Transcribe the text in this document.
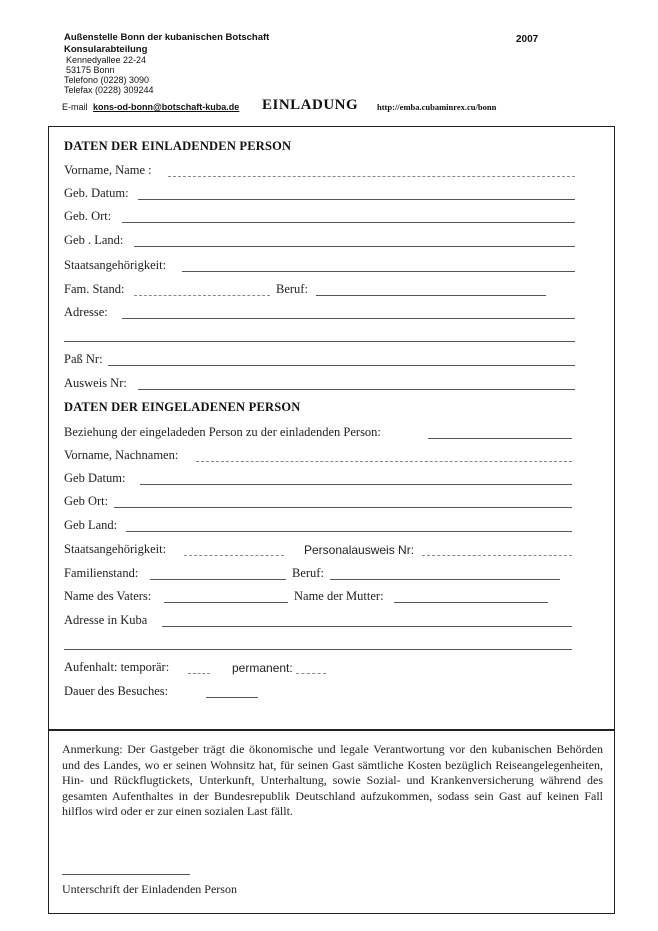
Außenstelle Bonn der kubanischen Botschaft
Konsularabteilung
Kennedyallee 22-24
53175 Bonn
Telefono (0228) 3090
Telefax (0228) 309244
E-mail kons-od-bonn@botschaft-kuba.de
2007
EINLADUNG http://emba.cubaminrex.cu/bonn
DATEN DER EINLADENDEN PERSON
Vorname, Name :
Geb. Datum:
Geb. Ort:
Geb . Land:
Staatsangehörigkeit:
Fam. Stand:	Beruf:
Adresse:
Paß Nr:
Ausweis Nr:
DATEN DER EINGELADENEN PERSON
Beziehung der eingeladeden Person zu der einladenden Person:
Vorname, Nachnamen:
Geb Datum:
Geb Ort:
Geb Land:
Staatsangehörigkeit:	Personalausweis Nr:
Familienstand:	Beruf:
Name des Vaters:	Name der Mutter:
Adresse in Kuba
Aufenhalt: temporär:	permanent:
Dauer des Besuches:
Anmerkung: Der Gastgeber trägt die ökonomische und legale Verantwortung vor den kubanischen Behörden und des Landes, wo er seinen Wohnsitz hat, für seinen Gast sämtliche Kosten bezüglich Reiseangelegenheiten, Hin- und Rückflugtickets, Unterkunft, Unterhaltung, sowie Sozial- und Krankenversicherung während des gesamten Aufenthaltes in der Bundesrepublik Deutschland aufzukommen, sodass sein Gast auf keinen Fall hilflos wird oder er zur einen sozialen Last fällt.
Unterschrift der Einladenden Person
